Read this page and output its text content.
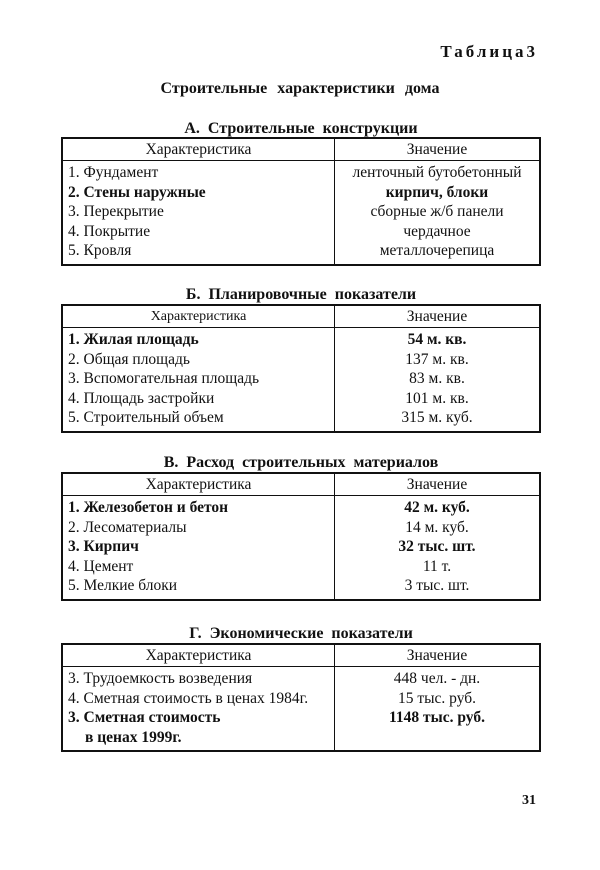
Таблица3
Строительные характеристики дома
А. Строительные конструкции
Характеристика	Значение

1. Фундамент	ленточный бутобетонный

2. Стены наружные	кирпич, блоки

3. Перекрытие	сборные ж/б панели

4. Покрытие	чердачное

5. Кровля	металлочерепица
Б. Планировочные показатели
Характеристика	Значение

1. Жилая площадь	54 м. кв.

2. Общая площадь	137 м. кв.

3. Вспомогательная площадь	83 м. кв.

4. Площадь застройки	101 м. кв.

5. Строительный объем	315 м. куб.
В. Расход строительных материалов
Характеристика	Значение

1. Железобетон и бетон	42 м. куб.

2. Лесоматериалы	14 м. куб.

3. Кирпич	32 тыс. шт.

4. Цемент	11 т.

5. Мелкие блоки	3 тыс. шт.
Г. Экономические показатели
Характеристика	Значение

3. Трудоемкость возведения	448 чел. - дн.

4. Сметная стоимость в ценах 1984г.	15 тыс. руб.

3. Сметная стоимость
в ценах 1999г.	1148 тыс. руб.
31
